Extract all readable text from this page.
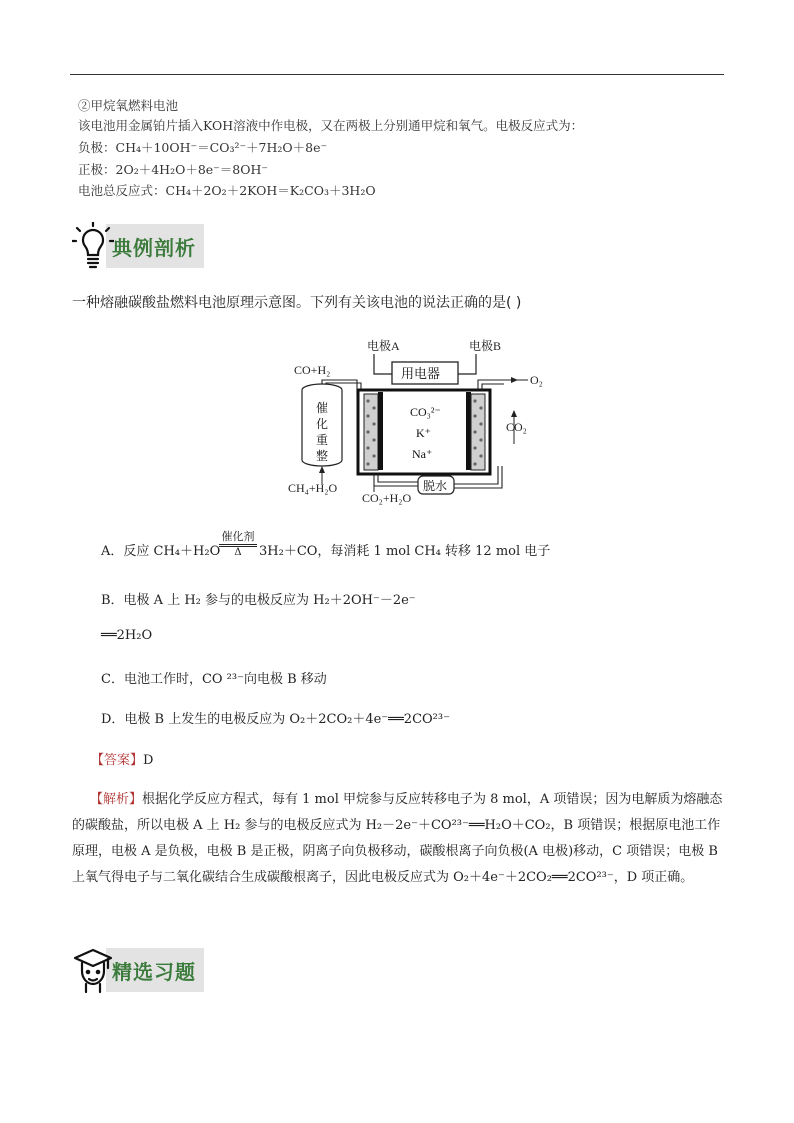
②甲烷氧燃料电池
该电池用金属铂片插入KOH溶液中作电极，又在两极上分别通甲烷和氧气。电极反应式为：
负极：CH₄＋10OH⁻＝CO₃²⁻＋7H₂O＋8e⁻
正极：2O₂＋4H₂O＋8e⁻＝8OH⁻
电池总反应式：CH₄＋2O₂＋2KOH＝K₂CO₃＋3H₂O
典例剖析
一种熔融碳酸盐燃料电池原理示意图。下列有关该电池的说法正确的是( )
电极A	电极B
CO+H₂
O₂
CO₂
CH₄+H₂O
CO₂+H₂O
用电器
催
化
重
整
CO₃²⁻
K⁺
Na⁺
脱水
A．反应 CH₄＋H₂O
催化剂
Δ	3H₂＋CO，每消耗 1 mol CH₄ 转移 12 mol 电子
B．电极 A 上 H₂ 参与的电极反应为 H₂＋2OH⁻－2e⁻
══2H₂O
C．电池工作时，CO ²³⁻向电极 B 移动
D．电极 B 上发生的电极反应为 O₂＋2CO₂＋4e⁻══2CO²³⁻
【答案】D
【解析】根据化学反应方程式，每有 1 mol 甲烷参与反应转移电子为 8 mol，A 项错误；因为电解质为熔融态的碳酸盐，所以电极 A 上 H₂ 参与的电极反应式为 H₂－2e⁻＋CO²³⁻══H₂O＋CO₂，B 项错误；根据原电池工作原理，电极 A 是负极，电极 B 是正极，阴离子向负极移动，碳酸根离子向负极(A 电极)移动，C 项错误；电极 B 上氧气得电子与二氧化碳结合生成碳酸根离子，因此电极反应式为 O₂＋4e⁻＋2CO₂══2CO²³⁻，D 项正确。
精选习题
